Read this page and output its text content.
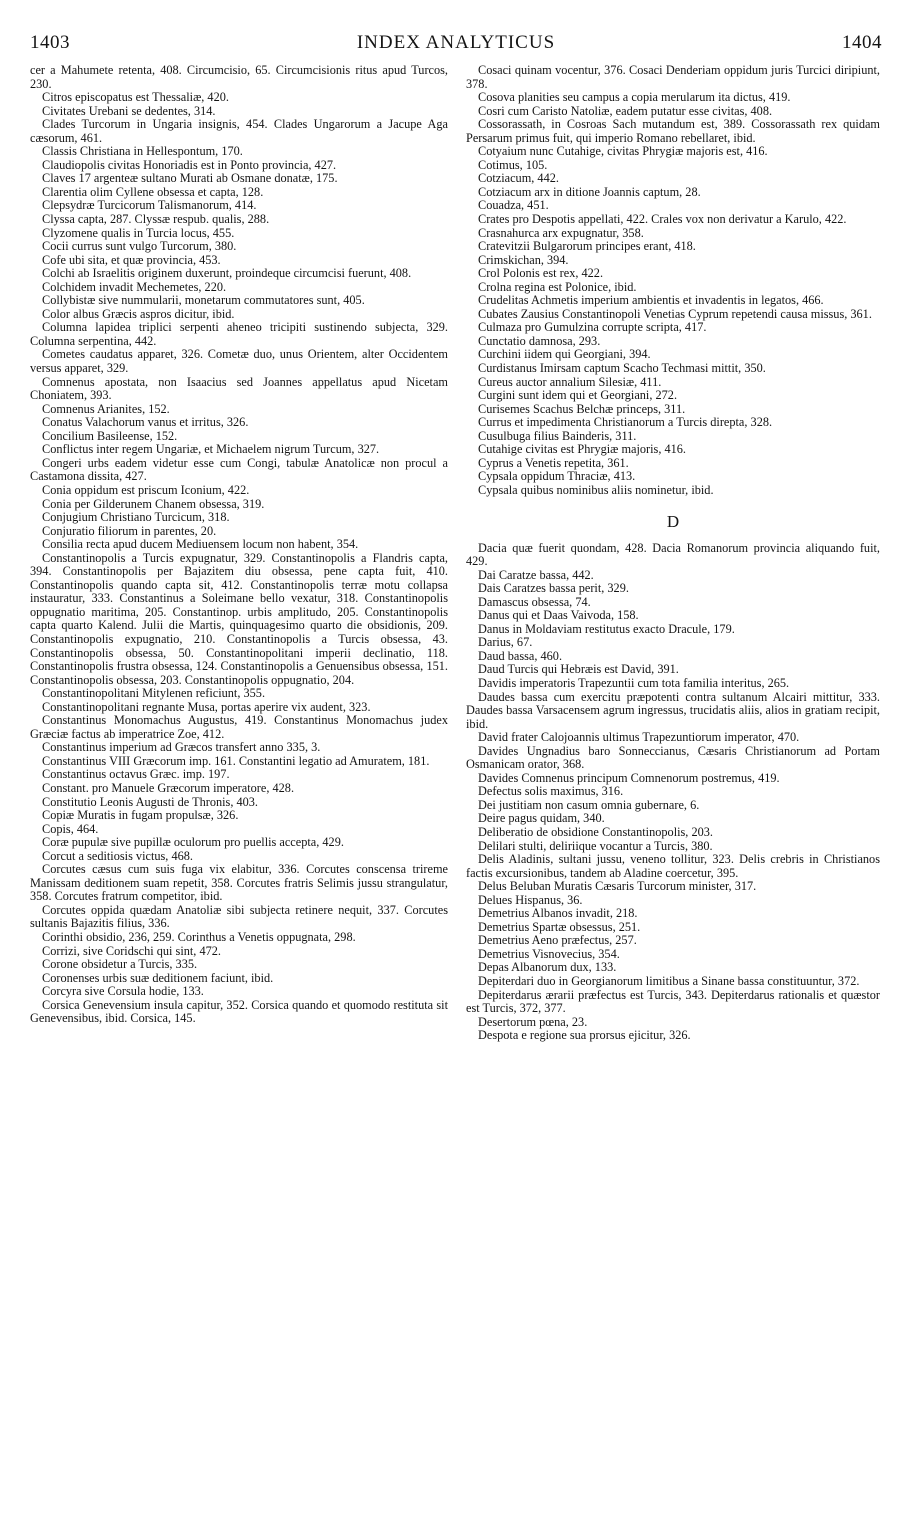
1403	INDEX ANALYTICUS	1404

cer a Mahumete retenta, 408. Circumcisio, 65. Circumcisionis ritus apud Turcos, 230.

Citros episcopatus est Thessaliæ, 420.

Civitates Urebani se dedentes, 314.

Clades Turcorum in Ungaria insignis, 454. Clades Ungarorum a Jacupe Aga cæsorum, 461.

Classis Christiana in Hellespontum, 170.

Claudiopolis civitas Honoriadis est in Ponto provincia, 427.

Claves 17 argenteæ sultano Murati ab Osmane donatæ, 175.

Clarentia olim Cyllene obsessa et capta, 128.

Clepsydræ Turcicorum Talismanorum, 414.

Clyssa capta, 287. Clyssæ respub. qualis, 288.

Clyzomene qualis in Turcia locus, 455.

Cocii currus sunt vulgo Turcorum, 380.

Cofe ubi sita, et quæ provincia, 453.

Colchi ab Israelitis originem duxerunt, proindeque circumcisi fuerunt, 408.

Colchidem invadit Mechemetes, 220.

Collybistæ sive nummularii, monetarum commutatores sunt, 405.

Color albus Græcis aspros dicitur, ibid.

Columna lapidea triplici serpenti aheneo tricipiti sustinendo subjecta, 329. Columna serpentina, 442.

Cometes caudatus apparet, 326. Cometæ duo, unus Orientem, alter Occidentem versus apparet, 329.

Comnenus apostata, non Isaacius sed Joannes appellatus apud Nicetam Choniatem, 393.

Comnenus Arianites, 152.

Conatus Valachorum vanus et irritus, 326.

Concilium Basileense, 152.

Conflictus inter regem Ungariæ, et Michaelem nigrum Turcum, 327.

Congeri urbs eadem videtur esse cum Congi, tabulæ Anatolicæ non procul a Castamona dissita, 427.

Conia oppidum est priscum Iconium, 422.

Conia per Gilderunem Chanem obsessa, 319.

Conjugium Christiano Turcicum, 318.

Conjuratio filiorum in parentes, 20.

Consilia recta apud ducem Mediuensem locum non habent, 354.

Constantinopolis a Turcis expugnatur, 329. Constantinopolis a Flandris capta, 394. Constantinopolis per Bajazitem diu obsessa, pene capta fuit, 410. Constantinopolis quando capta sit, 412. Constantinopolis terræ motu collapsa instauratur, 333. Constantinus a Soleimane bello vexatur, 318. Constantinopolis oppugnatio maritima, 205. Constantinop. urbis amplitudo, 205. Constantinopolis capta quarto Kalend. Julii die Martis, quinquagesimo quarto die obsidionis, 209. Constantinopolis expugnatio, 210. Constantinopolis a Turcis obsessa, 43. Constantinopolis obsessa, 50. Constantinopolitani imperii declinatio, 118. Constantinopolis frustra obsessa, 124. Constantinopolis a Genuensibus obsessa, 151. Constantinopolis obsessa, 203. Constantinopolis oppugnatio, 204.

Constantinopolitani Mitylenen reficiunt, 355.

Constantinopolitani regnante Musa, portas aperire vix audent, 323.

Constantinus Monomachus Augustus, 419. Constantinus Monomachus judex Græciæ factus ab imperatrice Zoe, 412.

Constantinus imperium ad Græcos transfert anno 335, 3.

Constantinus VIII Græcorum imp. 161. Constantini legatio ad Amuratem, 181.

Constantinus octavus Græc. imp. 197.

Constant. pro Manuele Græcorum imperatore, 428.

Constitutio Leonis Augusti de Thronis, 403.

Copiæ Muratis in fugam propulsæ, 326.

Copis, 464.

Coræ pupulæ sive pupillæ oculorum pro puellis accepta, 429.

Corcut a seditiosis victus, 468.

Corcutes cæsus cum suis fuga vix elabitur, 336. Corcutes conscensa trireme Manissam deditionem suam repetit, 358. Corcutes fratris Selimis jussu strangulatur, 358. Corcutes fratrum competitor, ibid.

Corcutes oppida quædam Anatoliæ sibi subjecta retinere nequit, 337. Corcutes sultanis Bajazitis filius, 336.

Corinthi obsidio, 236, 259. Corinthus a Venetis oppugnata, 298.

Corrizi, sive Coridschi qui sint, 472.

Corone obsidetur a Turcis, 335.

Coronenses urbis suæ deditionem faciunt, ibid.

Corcyra sive Corsula hodie, 133.

Corsica Genevensium insula capitur, 352. Corsica quando et quomodo restituta sit Genevensibus, ibid. Corsica, 145.

Cosaci quinam vocentur, 376. Cosaci Denderiam oppidum juris Turcici diripiunt, 378.

Cosova planities seu campus a copia merularum ita dictus, 419.

Cosri cum Caristo Natoliæ, eadem putatur esse civitas, 408.

Cossorassath, in Cosroas Sach mutandum est, 389. Cossorassath rex quidam Persarum primus fuit, qui imperio Romano rebellaret, ibid.

Cotyaium nunc Cutahige, civitas Phrygiæ majoris est, 416.

Cotimus, 105.

Cotziacum, 442.

Cotziacum arx in ditione Joannis captum, 28.

Couadza, 451.

Crates pro Despotis appellati, 422. Crales vox non derivatur a Karulo, 422.

Crasnahurca arx expugnatur, 358.

Cratevitzii Bulgarorum principes erant, 418.

Crimskichan, 394.

Crol Polonis est rex, 422.

Crolna regina est Polonice, ibid.

Crudelitas Achmetis imperium ambientis et invadentis in legatos, 466.

Cubates Zausius Constantinopoli Venetias Cyprum repetendi causa missus, 361.

Culmaza pro Gumulzina corrupte scripta, 417.

Cunctatio damnosa, 293.

Curchini iidem qui Georgiani, 394.

Curdistanus Imirsam captum Scacho Techmasi mittit, 350.

Cureus auctor annalium Silesiæ, 411.

Curgini sunt idem qui et Georgiani, 272.

Curisemes Scachus Belchæ princeps, 311.

Currus et impedimenta Christianorum a Turcis direpta, 328.

Cusulbuga filius Bainderis, 311.

Cutahige civitas est Phrygiæ majoris, 416.

Cyprus a Venetis repetita, 361.

Cypsala oppidum Thraciæ, 413.

Cypsala quibus nominibus aliis nominetur, ibid.

D

Dacia quæ fuerit quondam, 428. Dacia Romanorum provincia aliquando fuit, 429.

Dai Caratze bassa, 442.

Dais Caratzes bassa perit, 329.

Damascus obsessa, 74.

Danus qui et Daas Vaivoda, 158.

Danus in Moldaviam restitutus exacto Dracule, 179.

Darius, 67.

Daud bassa, 460.

Daud Turcis qui Hebræis est David, 391.

Davidis imperatoris Trapezuntii cum tota familia interitus, 265.

Daudes bassa cum exercitu præpotenti contra sultanum Alcairi mittitur, 333. Daudes bassa Varsacensem agrum ingressus, trucidatis aliis, alios in gratiam recipit, ibid.

David frater Calojoannis ultimus Trapezuntiorum imperator, 470.

Davides Ungnadius baro Sonneccianus, Cæsaris Christianorum ad Portam Osmanicam orator, 368.

Davides Comnenus principum Comnenorum postremus, 419.

Defectus solis maximus, 316.

Dei justitiam non casum omnia gubernare, 6.

Deire pagus quidam, 340.

Deliberatio de obsidione Constantinopolis, 203.

Delilari stulti, deliriique vocantur a Turcis, 380.

Delis Aladinis, sultani jussu, veneno tollitur, 323. Delis crebris in Christianos factis excursionibus, tandem ab Aladine coercetur, 395.

Delus Beluban Muratis Cæsaris Turcorum minister, 317.

Delues Hispanus, 36.

Demetrius Albanos invadit, 218.

Demetrius Spartæ obsessus, 251.

Demetrius Aeno præfectus, 257.

Demetrius Visnovecius, 354.

Depas Albanorum dux, 133.

Depiterdari duo in Georgianorum limitibus a Sinane bassa constituuntur, 372.

Depiterdarus ærarii præfectus est Turcis, 343. Depiterdarus rationalis et quæstor est Turcis, 372, 377.

Desertorum pœna, 23.

Despota e regione sua prorsus ejicitur, 326.
